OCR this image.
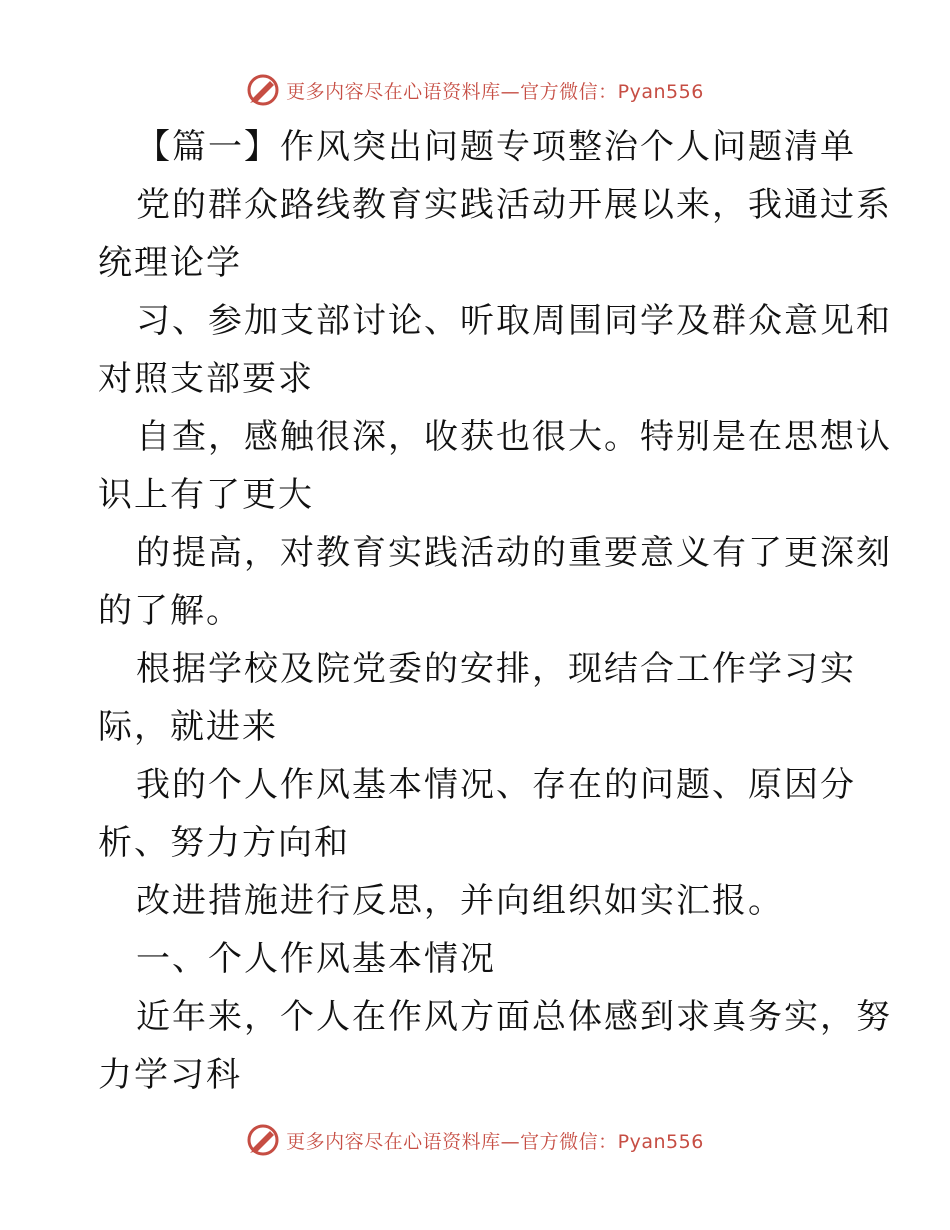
更多内容尽在心语资料库—官方微信：Pyan556
【篇一】作风突出问题专项整治个人问题清单
党的群众路线教育实践活动开展以来，我通过系
统理论学
习、参加支部讨论、听取周围同学及群众意见和
对照支部要求
自查，感触很深，收获也很大。特别是在思想认
识上有了更大
的提高，对教育实践活动的重要意义有了更深刻
的了解。
根据学校及院党委的安排，现结合工作学习实
际，就进来
我的个人作风基本情况、存在的问题、原因分
析、努力方向和
改进措施进行反思，并向组织如实汇报。
一、个人作风基本情况
近年来，个人在作风方面总体感到求真务实，努
力学习科
更多内容尽在心语资料库—官方微信：Pyan556
